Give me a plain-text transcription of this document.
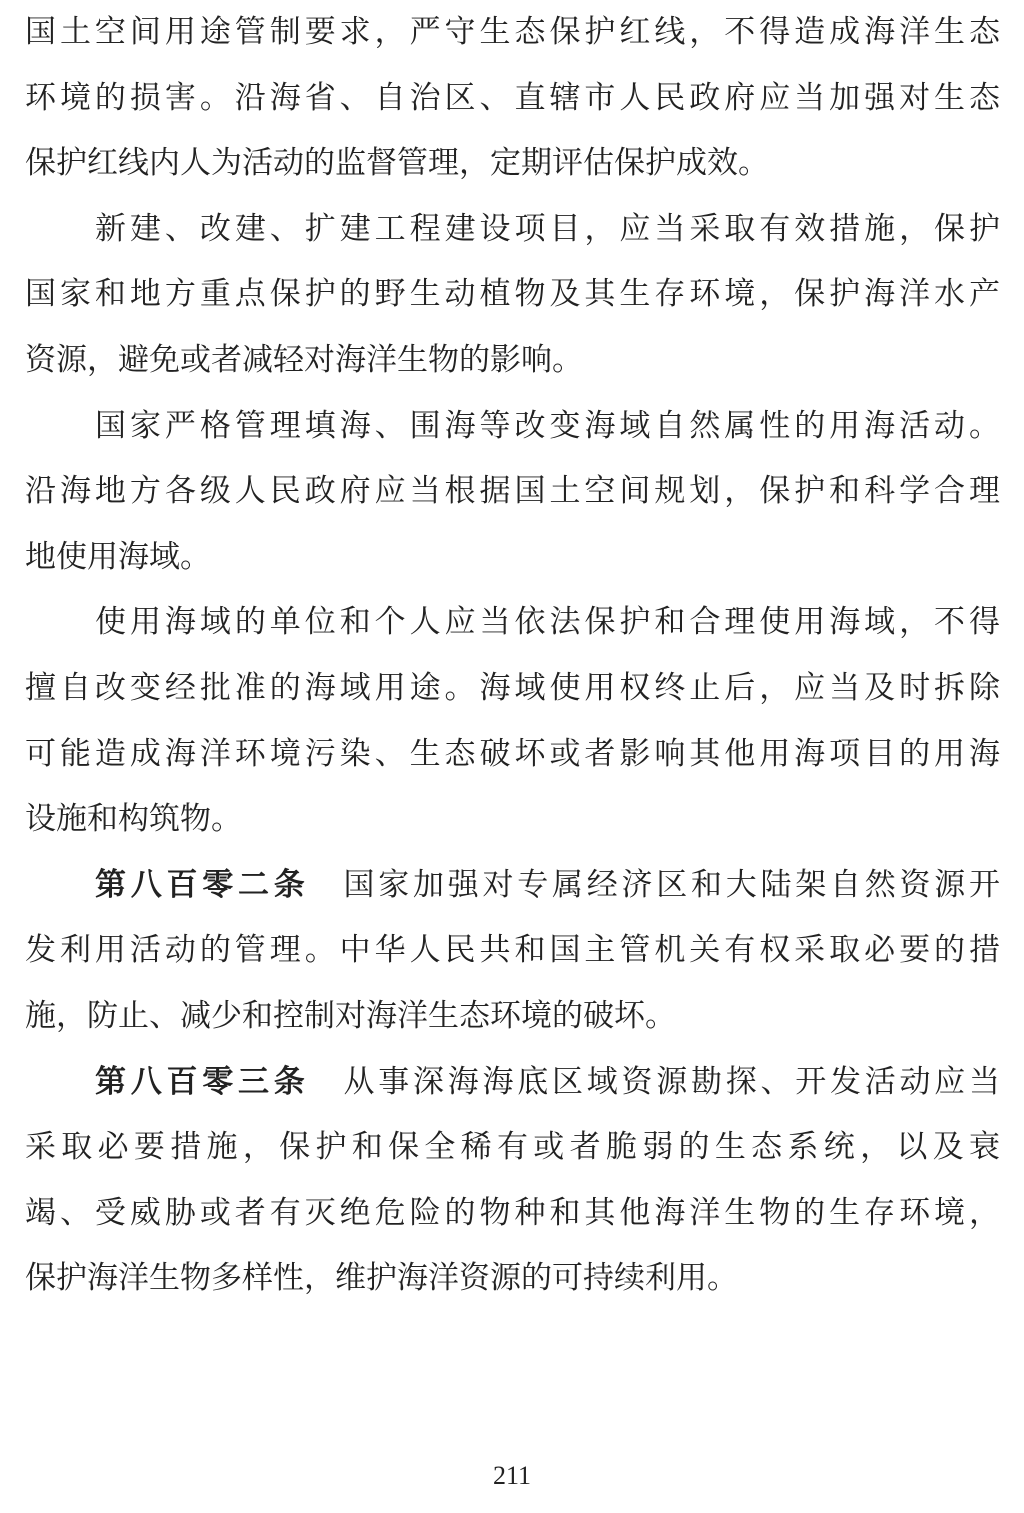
国土空间用途管制要求，严守生态保护红线，不得造成海洋生态
环境的损害。沿海省、自治区、直辖市人民政府应当加强对生态
保护红线内人为活动的监督管理，定期评估保护成效。
新建、改建、扩建工程建设项目，应当采取有效措施，保护
国家和地方重点保护的野生动植物及其生存环境，保护海洋水产
资源，避免或者减轻对海洋生物的影响。
国家严格管理填海、围海等改变海域自然属性的用海活动。
沿海地方各级人民政府应当根据国土空间规划，保护和科学合理
地使用海域。
使用海域的单位和个人应当依法保护和合理使用海域，不得
擅自改变经批准的海域用途。海域使用权终止后，应当及时拆除
可能造成海洋环境污染、生态破坏或者影响其他用海项目的用海
设施和构筑物。
第八百零二条 国家加强对专属经济区和大陆架自然资源开
发利用活动的管理。中华人民共和国主管机关有权采取必要的措
施，防止、减少和控制对海洋生态环境的破坏。
第八百零三条 从事深海海底区域资源勘探、开发活动应当
采取必要措施，保护和保全稀有或者脆弱的生态系统，以及衰
竭、受威胁或者有灭绝危险的物种和其他海洋生物的生存环境，
保护海洋生物多样性，维护海洋资源的可持续利用。
211
